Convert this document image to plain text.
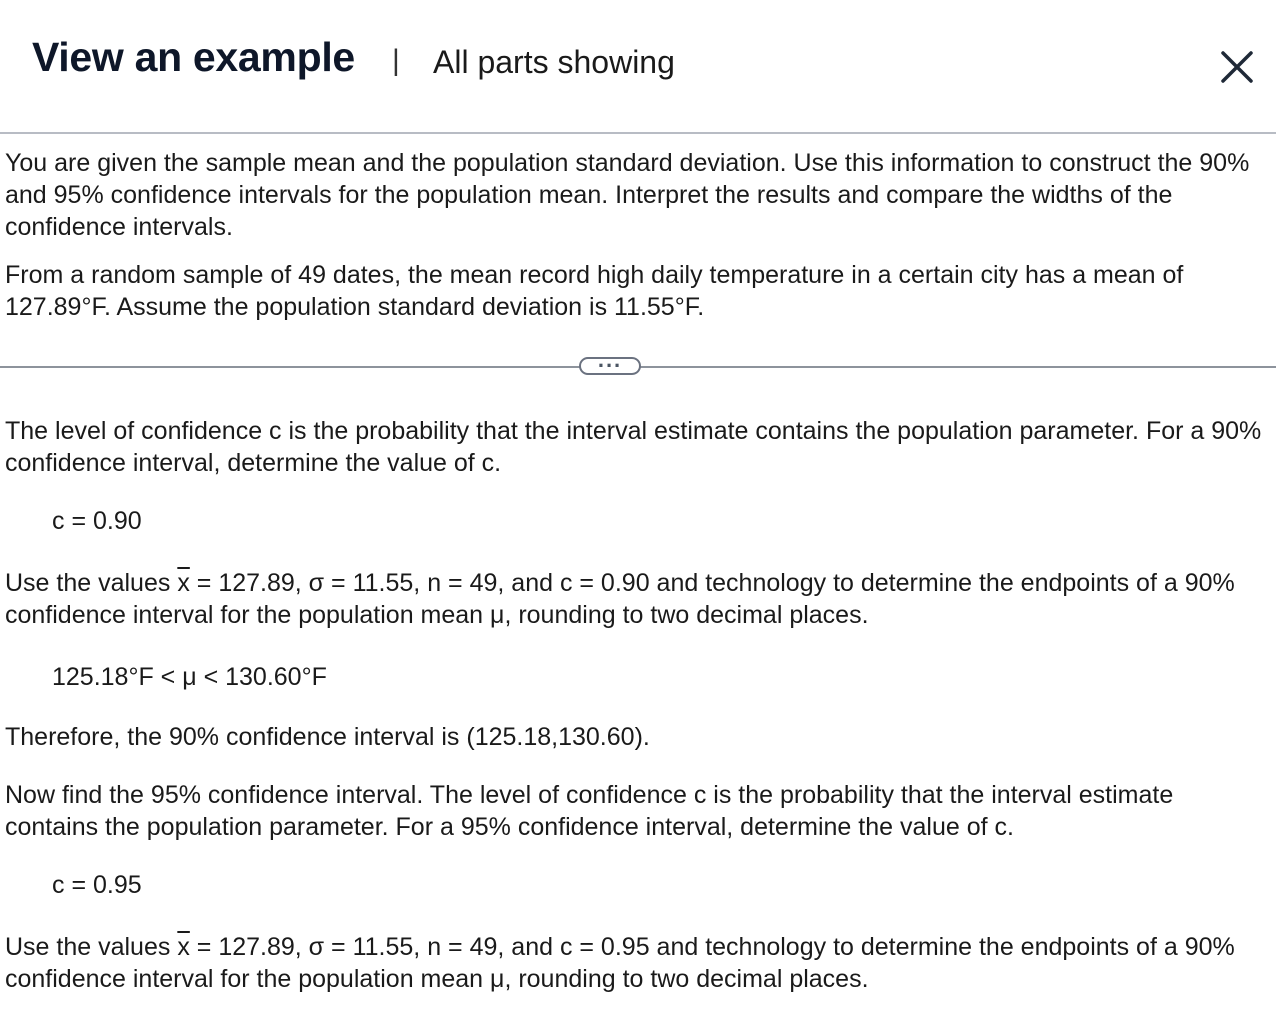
View an example | All parts showing
You are given the sample mean and the population standard deviation. Use this information to construct the 90% and 95% confidence intervals for the population mean. Interpret the results and compare the widths of the confidence intervals.
From a random sample of 49 dates, the mean record high daily temperature in a certain city has a mean of 127.89°F. Assume the population standard deviation is 11.55°F.
...
The level of confidence c is the probability that the interval estimate contains the population parameter. For a 90% confidence interval, determine the value of c.
c = 0.90
Use the values $\overline{x} = 127.89$, σ = 11.55, n = 49, and c = 0.90 and technology to determine the endpoints of a 90% confidence interval for the population mean μ, rounding to two decimal places.
125.18°F < μ < 130.60°F
Therefore, the 90% confidence interval is (125.18,130.60).
Now find the 95% confidence interval. The level of confidence c is the probability that the interval estimate contains the population parameter. For a 95% confidence interval, determine the value of c.
c = 0.95
Use the values $\overline{x} = 127.89$, σ = 11.55, n = 49, and c = 0.95 and technology to determine the endpoints of a 90% confidence interval for the population mean μ, rounding to two decimal places.
